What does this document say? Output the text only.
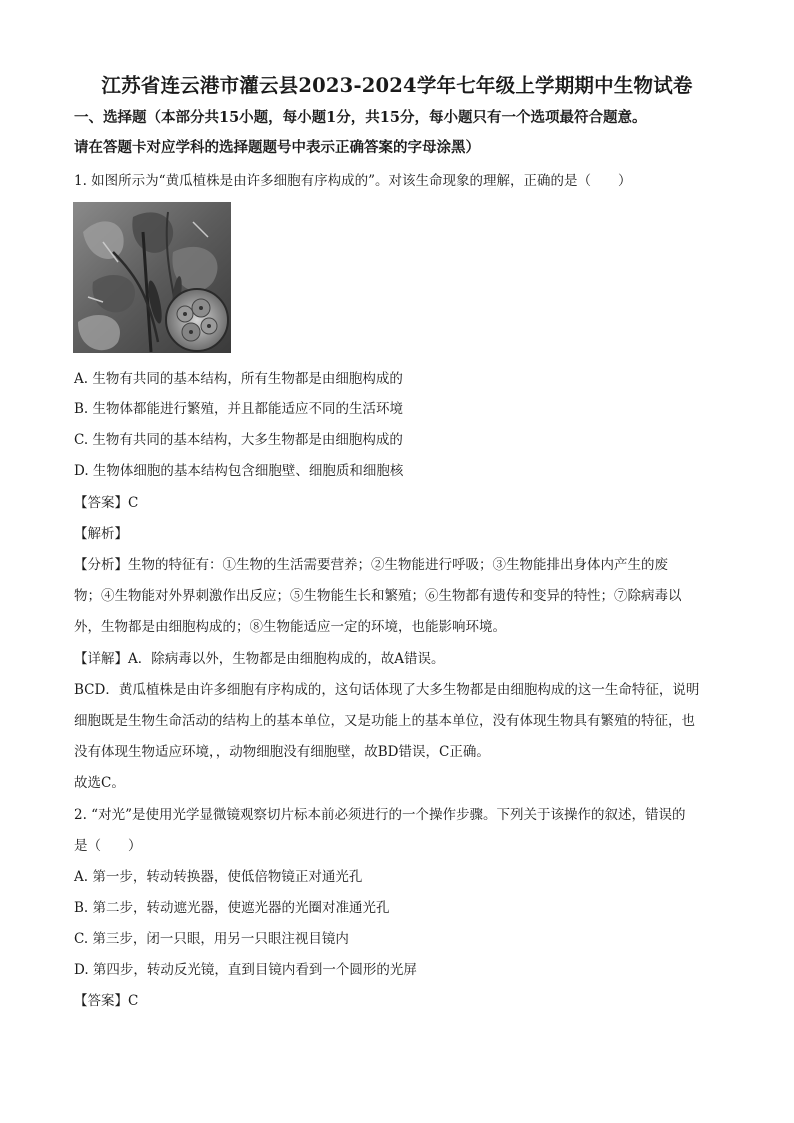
江苏省连云港市灌云县2023-2024学年七年级上学期期中生物试卷
一、选择题（本部分共15小题，每小题1分，共15分，每小题只有一个选项最符合题意。
请在答题卡对应学科的选择题题号中表示正确答案的字母涂黑）
1. 如图所示为“黄瓜植株是由许多细胞有序构成的”。对该生命现象的理解，正确的是（　　）
A. 生物有共同的基本结构，所有生物都是由细胞构成的
B. 生物体都能进行繁殖，并且都能适应不同的生活环境
C. 生物有共同的基本结构，大多生物都是由细胞构成的
D. 生物体细胞的基本结构包含细胞壁、细胞质和细胞核
【答案】C
【解析】
【分析】生物的特征有：①生物的生活需要营养；②生物能进行呼吸；③生物能排出身体内产生的废
物；④生物能对外界刺激作出反应；⑤生物能生长和繁殖；⑥生物都有遗传和变异的特性；⑦除病毒以
外，生物都是由细胞构成的；⑧生物能适应一定的环境，也能影响环境。
【详解】A．除病毒以外，生物都是由细胞构成的，故A错误。
BCD．黄瓜植株是由许多细胞有序构成的，这句话体现了大多生物都是由细胞构成的这一生命特征，说明
细胞既是生物生命活动的结构上的基本单位，又是功能上的基本单位，没有体现生物具有繁殖的特征，也
没有体现生物适应环境，，动物细胞没有细胞壁，故BD错误，C正确。
故选C。
2. “对光”是使用光学显微镜观察切片标本前必须进行的一个操作步骤。下列关于该操作的叙述，错误的
是（　　）
A. 第一步，转动转换器，使低倍物镜正对通光孔
B. 第二步，转动遮光器，使遮光器的光圈对准通光孔
C. 第三步，闭一只眼，用另一只眼注视目镜内
D. 第四步，转动反光镜，直到目镜内看到一个圆形的光屏
【答案】C
